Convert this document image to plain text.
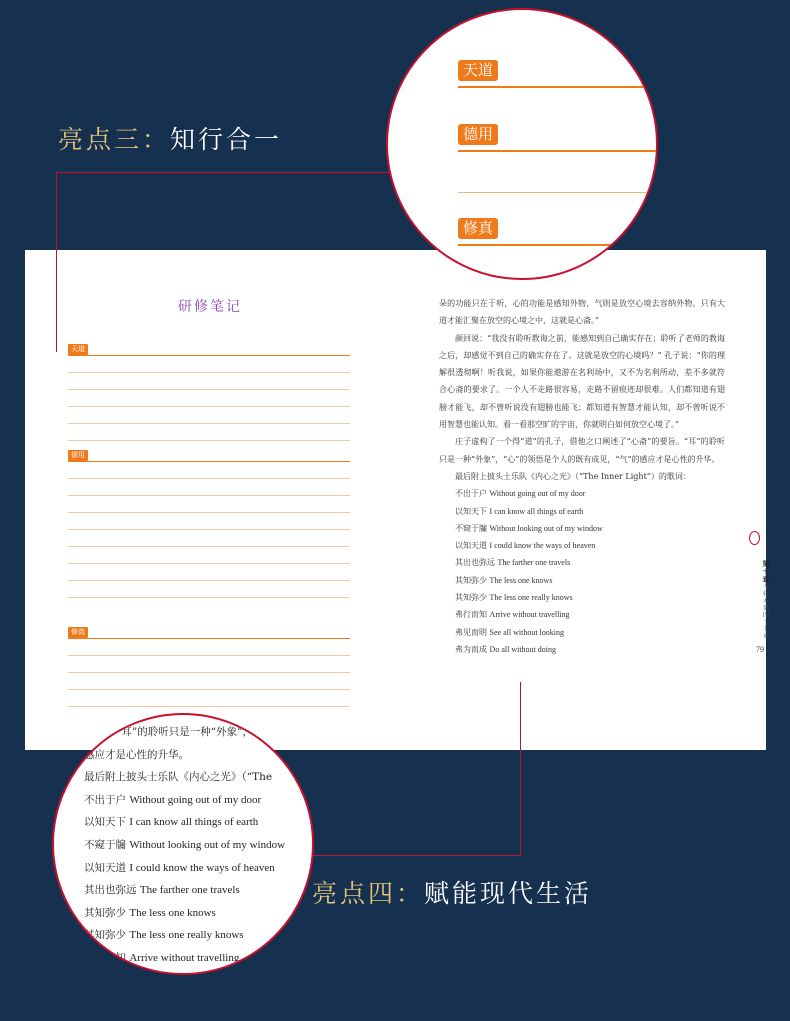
亮点三：知行合一
研修笔记
天道
德用
修真

朵的功能只在于听，心的功能是感知外物，气则是放空心境去容纳外物。只有大道才能汇聚在放空的心境之中，这就是心斋。”

颜回说：“我没有聆听教诲之前，能感知到自己确实存在；聆听了老师的教诲之后，却感觉不到自己的确实存在了。这就是放空的心境吗？” 孔子说：“你的理解很透彻啊！听我说，如果你能遨游在名利场中，又不为名利所动，差不多就符合心斋的要求了。一个人不走路很容易，走路不留痕迹却很难。人们都知道有翅膀才能飞，却不曾听说没有翅膀也能飞；都知道有智慧才能认知，却不曾听说不用智慧也能认知。看一看那空旷的宇宙，你就明白如何放空心境了。”

庄子虚构了一个得“道”的孔子，借他之口阐述了“心斋”的要旨。“耳”的聆听只是一种“外象”，“心”的领悟是个人的既有成见，“气”的感应才是心性的升华。

最后附上披头士乐队《内心之光》（“The Inner Light”）的歌词：

不出于户 Without going out of my door

以知天下 I can know all things of earth

不窥于牖 Without looking out of my window

以知天道 I could know the ways of heaven

其出也弥远 The farther one travels

其知弥少 The less one knows

其知弥少 The less one really knows

弗行而知 Arrive without travelling

弗见而明 See all without looking

弗为而成 Do all without doing

第十章
今传本第四十七章
79
天道
德用
修真

“耳”的聆听只是一种“外象”，

感应才是心性的升华。

最后附上披头士乐队《内心之光》（“The

不出于户 Without going out of my door

以知天下 I can know all things of earth

不窥于牖 Without looking out of my window

以知天道 I could know the ways of heaven

其出也弥远 The farther one travels

其知弥少 The less one knows

其知弥少 The less one really knows

弗行而知 Arrive without travelling

亮点四：赋能现代生活
